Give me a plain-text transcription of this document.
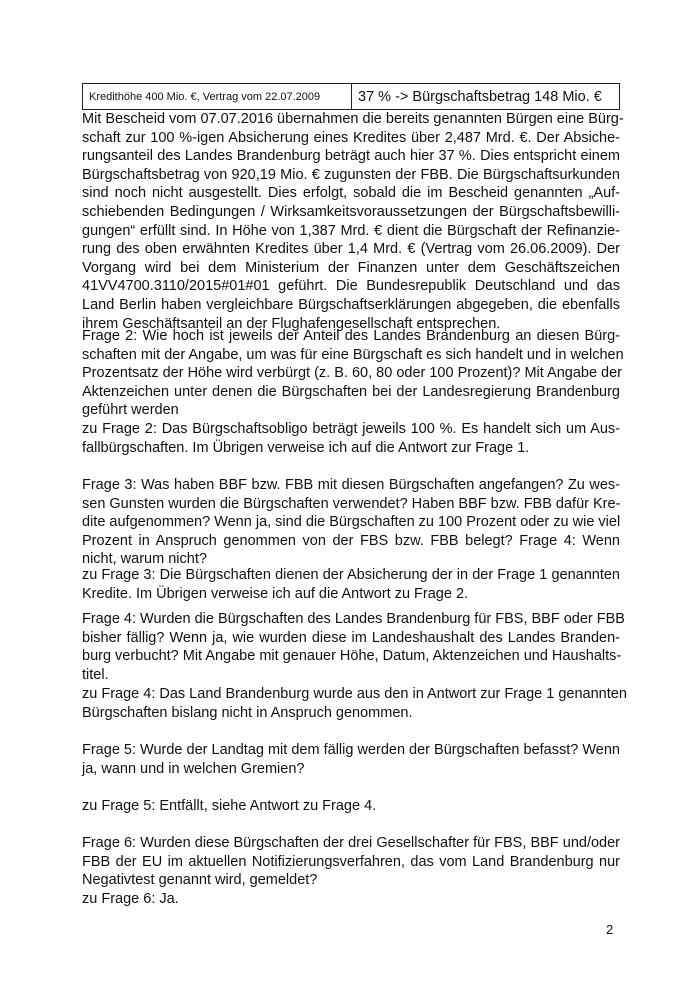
Kredithöhe 400 Mio. €, Vertrag vom 22.07.2009	37 % -> Bürgschaftsbetrag 148 Mio. €

Mit Bescheid vom 07.07.2016 übernahmen die bereits genannten Bürgen eine Bürg-
schaft zur 100 %-igen Absicherung eines Kredites über 2,487 Mrd. €. Der Absiche-
rungsanteil des Landes Brandenburg beträgt auch hier 37 %. Dies entspricht einem
Bürgschaftsbetrag von 920,19 Mio. € zugunsten der FBB. Die Bürgschaftsurkunden
sind noch nicht ausgestellt. Dies erfolgt, sobald die im Bescheid genannten „Auf-
schiebenden Bedingungen / Wirksamkeitsvoraussetzungen der Bürgschaftsbewilli-
gungen“ erfüllt sind. In Höhe von 1,387 Mrd. € dient die Bürgschaft der Refinanzie-
rung des oben erwähnten Kredites über 1,4 Mrd. € (Vertrag vom 26.06.2009). Der
Vorgang wird bei dem Ministerium der Finanzen unter dem Geschäftszeichen
41VV4700.3110/2015#01#01 geführt. Die Bundesrepublik Deutschland und das
Land Berlin haben vergleichbare Bürgschaftserklärungen abgegeben, die ebenfalls
ihrem Geschäftsanteil an der Flughafengesellschaft entsprechen.

Frage 2: Wie hoch ist jeweils der Anteil des Landes Brandenburg an diesen Bürg-
schaften mit der Angabe, um was für eine Bürgschaft es sich handelt und in welchen
Prozentsatz der Höhe wird verbürgt (z. B. 60, 80 oder 100 Prozent)? Mit Angabe der
Aktenzeichen unter denen die Bürgschaften bei der Landesregierung Brandenburg
geführt werden

zu Frage 2: Das Bürgschaftsobligo beträgt jeweils 100 %. Es handelt sich um Aus-
fallbürgschaften. Im Übrigen verweise ich auf die Antwort zur Frage 1.

Frage 3: Was haben BBF bzw. FBB mit diesen Bürgschaften angefangen? Zu wes-
sen Gunsten wurden die Bürgschaften verwendet? Haben BBF bzw. FBB dafür Kre-
dite aufgenommen? Wenn ja, sind die Bürgschaften zu 100 Prozent oder zu wie viel
Prozent in Anspruch genommen von der FBS bzw. FBB belegt? Frage 4: Wenn
nicht, warum nicht?

zu Frage 3: Die Bürgschaften dienen der Absicherung der in der Frage 1 genannten
Kredite. Im Übrigen verweise ich auf die Antwort zu Frage 2.

Frage 4: Wurden die Bürgschaften des Landes Brandenburg für FBS, BBF oder FBB
bisher fällig? Wenn ja, wie wurden diese im Landeshaushalt des Landes Branden-
burg verbucht? Mit Angabe mit genauer Höhe, Datum, Aktenzeichen und Haushalts-
titel.

zu Frage 4: Das Land Brandenburg wurde aus den in Antwort zur Frage 1 genannten
Bürgschaften bislang nicht in Anspruch genommen.

Frage 5: Wurde der Landtag mit dem fällig werden der Bürgschaften befasst? Wenn
ja, wann und in welchen Gremien?

zu Frage 5: Entfällt, siehe Antwort zu Frage 4.

Frage 6: Wurden diese Bürgschaften der drei Gesellschafter für FBS, BBF und/oder
FBB der EU im aktuellen Notifizierungsverfahren, das vom Land Brandenburg nur
Negativtest genannt wird, gemeldet?

zu Frage 6: Ja.

2
